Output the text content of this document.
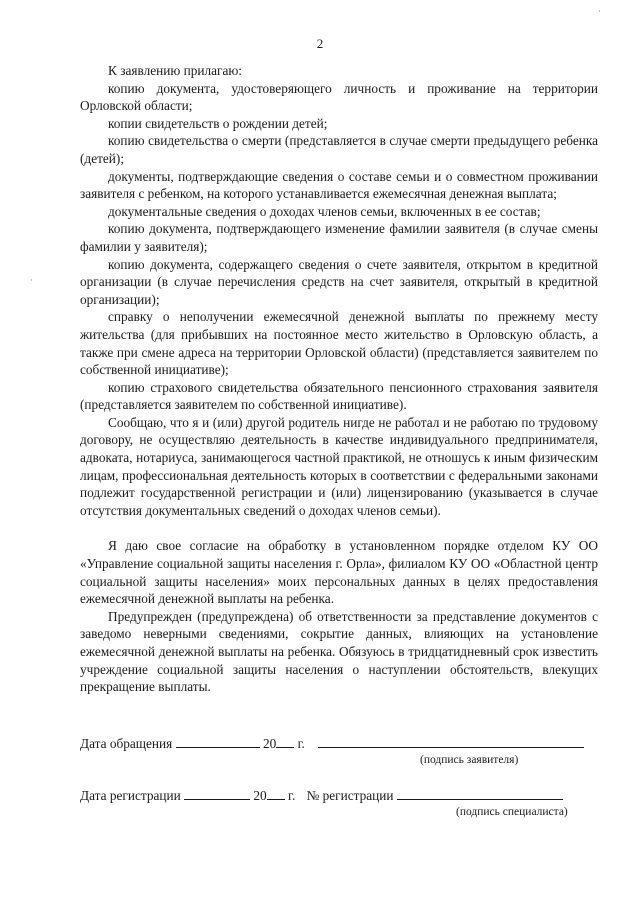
·
·
2

К заявлению прилагаю:

копию документа, удостоверяющего личность и проживание на территории Орловской области;

копии свидетельств о рождении детей;

копию свидетельства о смерти (представляется в случае смерти предыдущего ребенка (детей);

документы, подтверждающие сведения о составе семьи и о совместном проживании заявителя с ребенком, на которого устанавливается ежемесячная денежная выплата;

документальные сведения о доходах членов семьи, включенных в ее состав;

копию документа, подтверждающего изменение фамилии заявителя (в случае смены фамилии у заявителя);

копию документа, содержащего сведения о счете заявителя, открытом в кредитной организации (в случае перечисления средств на счет заявителя, открытый в кредитной организации);

справку о неполучении ежемесячной денежной выплаты по прежнему месту жительства (для прибывших на постоянное место жительство в Орловскую область, а также при смене адреса на территории Орловской области) (представляется заявителем по собственной инициативе);

копию страхового свидетельства обязательного пенсионного страхования заявителя (представляется заявителем по собственной инициативе).

Сообщаю, что я и (или) другой родитель нигде не работал и не работаю по трудовому договору, не осуществляю деятельность в качестве индивидуального предпринимателя, адвоката, нотариуса, занимающегося частной практикой, не отношусь к иным физическим лицам, профессиональная деятельность которых в соответствии с федеральными законами подлежит государственной регистрации и (или) лицензированию (указывается в случае отсутствия документальных сведений о доходах членов семьи).

Я даю свое согласие на обработку в установленном порядке отделом КУ ОО «Управление социальной защиты населения г. Орла», филиалом КУ ОО «Областной центр социальной защиты населения» моих персональных данных в целях предоставления ежемесячной денежной выплаты на ребенка.

Предупрежден (предупреждена) об ответственности за представление документов с заведомо неверными сведениями, сокрытие данных, влияющих на установление ежемесячной денежной выплаты на ребенка. Обязуюсь в тридцатидневный срок известить учреждение социальной защиты населения о наступлении обстоятельств, влекущих прекращение выплаты.

Дата обращения	20 г.
(подпись заявителя)
Дата регистрации	20 г. № регистрации
(подпись специалиста)
